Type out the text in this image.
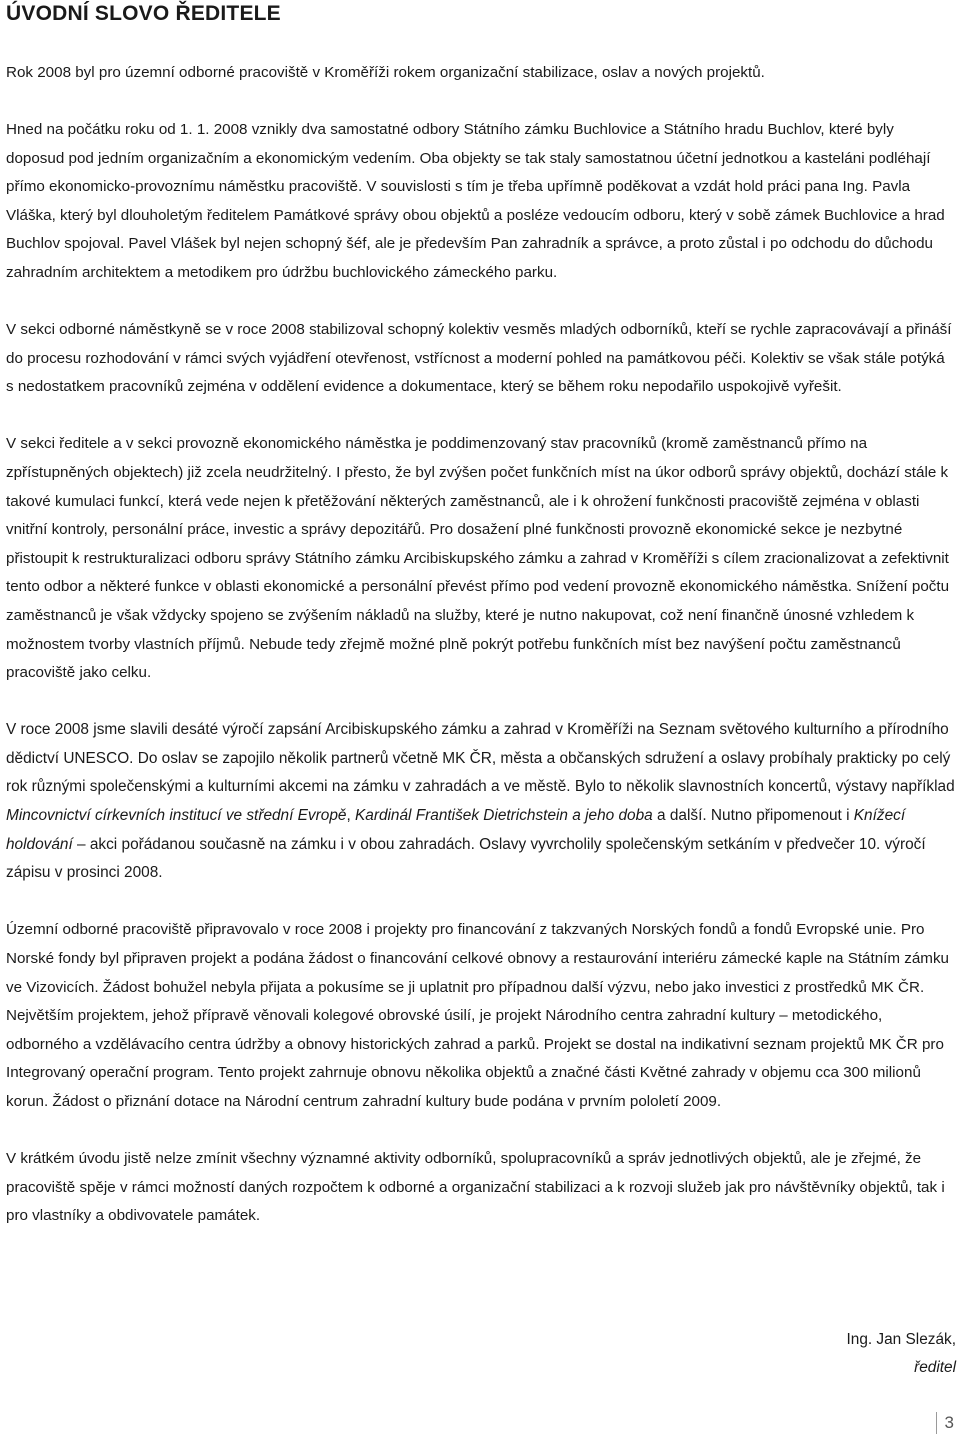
ÚVODNÍ SLOVO ŘEDITELE

Rok 2008 byl pro územní odborné pracoviště v Kroměříži rokem organizační stabilizace, oslav a nových projektů.

Hned na počátku roku od 1. 1. 2008 vznikly dva samostatné odbory Státního zámku Buchlovice a Státního hradu Buchlov, které byly doposud pod jedním organizačním a ekonomickým vedením. Oba objekty se tak staly samostatnou účetní jednotkou a kasteláni podléhají přímo ekonomicko-provoznímu náměstku pracoviště. V souvislosti s tím je třeba upřímně poděkovat a vzdát hold práci pana Ing. Pavla Vláška, který byl dlouholetým ředitelem Památkové správy obou objektů a posléze vedoucím odboru, který v sobě zámek Buchlovice a hrad Buchlov spojoval. Pavel Vlášek byl nejen schopný šéf, ale je především Pan zahradník a správce, a proto zůstal i po odchodu do důchodu zahradním architektem a metodikem pro údržbu buchlovického zámeckého parku.

V sekci odborné náměstkyně se v roce 2008 stabilizoval schopný kolektiv vesměs mladých odborníků, kteří se rychle zapracovávají a přináší do procesu rozhodování v rámci svých vyjádření otevřenost, vstřícnost a moderní pohled na památkovou péči. Kolektiv se však stále potýká s nedostatkem pracovníků zejména v oddělení evidence a dokumentace, který se během roku nepodařilo uspokojivě vyřešit.

V sekci ředitele a v sekci provozně ekonomického náměstka je poddimenzovaný stav pracovníků (kromě zaměstnanců přímo na zpřístupněných objektech) již zcela neudržitelný. I přesto, že byl zvýšen počet funkčních míst na úkor odborů správy objektů, dochází stále k takové kumulaci funkcí, která vede nejen k přetěžování některých zaměstnanců, ale i k ohrožení funkčnosti pracoviště zejména v oblasti vnitřní kontroly, personální práce, investic a správy depozitářů. Pro dosažení plné funkčnosti provozně ekonomické sekce je nezbytné přistoupit k restrukturalizaci odboru správy Státního zámku Arcibiskupského zámku a zahrad v Kroměříži s cílem zracionalizovat a zefektivnit tento odbor a některé funkce v oblasti ekonomické a personální převést přímo pod vedení provozně ekonomického náměstka. Snížení počtu zaměstnanců je však vždycky spojeno se zvýšením nákladů na služby, které je nutno nakupovat, což není finančně únosné vzhledem k možnostem tvorby vlastních příjmů. Nebude tedy zřejmě možné plně pokrýt potřebu funkčních míst bez navýšení počtu zaměstnanců pracoviště jako celku.

V roce 2008 jsme slavili desáté výročí zapsání Arcibiskupského zámku a zahrad v Kroměříži na Seznam světového kulturního a přírodního dědictví UNESCO. Do oslav se zapojilo několik partnerů včetně MK ČR, města a občanských sdružení a oslavy probíhaly prakticky po celý rok různými společenskými a kulturními akcemi na zámku v zahradách a ve městě. Bylo to několik slavnostních koncertů, výstavy například Mincovnictví církevních institucí ve střední Evropě, Kardinál František Dietrichstein a jeho doba a další. Nutno připomenout i Knížecí holdování – akci pořádanou současně na zámku i v obou zahradách. Oslavy vyvrcholily společenským setkáním v předvečer 10. výročí zápisu v prosinci 2008.

Územní odborné pracoviště připravovalo v roce 2008 i projekty pro financování z takzvaných Norských fondů a fondů Evropské unie. Pro Norské fondy byl připraven projekt a podána žádost o financování celkové obnovy a restaurování interiéru zámecké kaple na Státním zámku ve Vizovicích. Žádost bohužel nebyla přijata a pokusíme se ji uplatnit pro případnou další výzvu, nebo jako investici z prostředků MK ČR. Největším projektem, jehož přípravě věnovali kolegové obrovské úsilí, je projekt Národního centra zahradní kultury – metodického, odborného a vzdělávacího centra údržby a obnovy historických zahrad a parků. Projekt se dostal na indikativní seznam projektů MK ČR pro Integrovaný operační program. Tento projekt zahrnuje obnovu několika objektů a značné části Květné zahrady v objemu cca 300 milionů korun. Žádost o přiznání dotace na Národní centrum zahradní kultury bude podána v prvním pololetí 2009.

V krátkém úvodu jistě nelze zmínit všechny významné aktivity odborníků, spolupracovníků a správ jednotlivých objektů, ale je zřejmé, že pracoviště spěje v rámci možností daných rozpočtem k odborné a organizační stabilizaci a k rozvoji služeb jak pro návštěvníky objektů, tak i pro vlastníky a obdivovatele památek.

Ing. Jan Slezák,
ředitel
3
